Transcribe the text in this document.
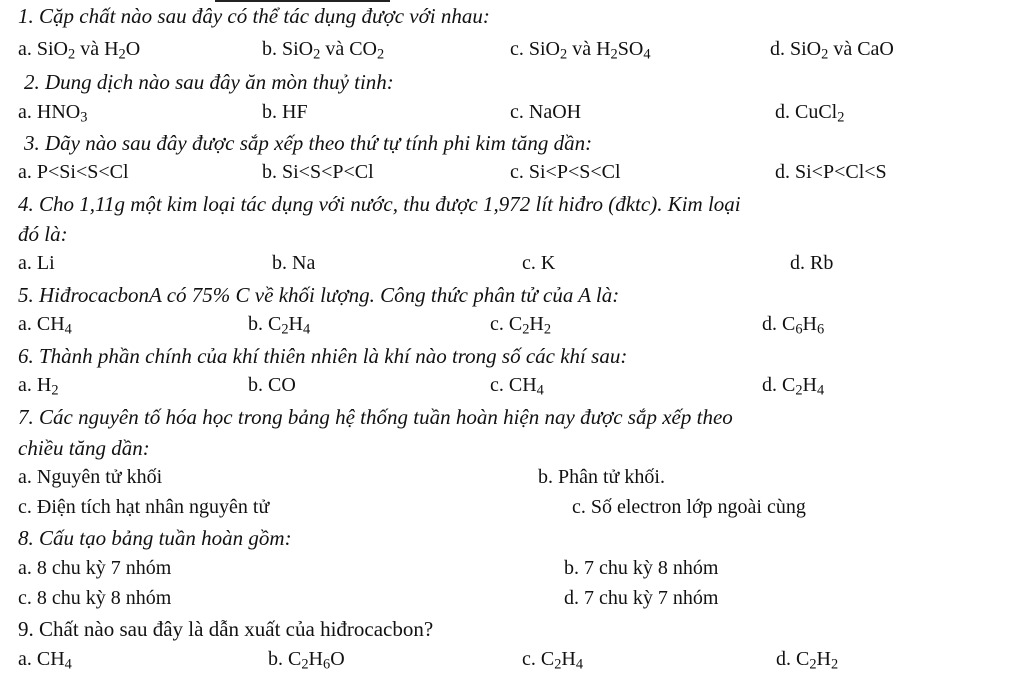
1. Cặp chất nào sau đây có thể tác dụng được với nhau:
a. SiO$_2$ và $H_2O$	b. SiO$_2$ và $CO_2$	c. SiO$_2$ và $H_2SO_4$	d. SiO$_2$ và CaO
2. Dung dịch nào sau đây ăn mòn thuỷ tinh:
a. $HNO_3$	b. HF	c. NaOH	d. CuCl$_2$
3. Dãy nào sau đây được sắp xếp theo thứ tự tính phi kim tăng dần:
a. P<Si<S<Cl	b. Si<S<P<Cl	c. Si<P<S<Cl	d. Si<P<Cl<S
4. Cho 1,11g một kim loại tác dụng với nước, thu được 1,972 lít hiđro (đktc). Kim loại
đó là:
a. Li	b. Na	c. K	d. Rb
5. HiđrocacbonA có 75% C về khối lượng. Công thức phân tử của A là:
a. $CH_4$	b. $C_2H_4$	c. $C_2H_2$	d. $C_6H_6$
6. Thành phần chính của khí thiên nhiên là khí nào trong số các khí sau:
a. $H_2$	b. CO	c. $CH_4$	d. $C_2H_4$
7. Các nguyên tố hóa học trong bảng hệ thống tuần hoàn hiện nay được sắp xếp theo
chiều tăng dần:
a. Nguyên tử khối	b. Phân tử khối.
c. Điện tích hạt nhân nguyên tử	c. Số electron lớp ngoài cùng
8. Cấu tạo bảng tuần hoàn gồm:
a. 8 chu kỳ 7 nhóm	b. 7 chu kỳ 8 nhóm
c. 8 chu kỳ 8 nhóm	d. 7 chu kỳ 7 nhóm
9. Chất nào sau đây là dẫn xuất của hiđrocacbon?
a. $CH_4$	b. $C_2H_6O$	c. $C_2H_4$	d. $C_2H_2$
